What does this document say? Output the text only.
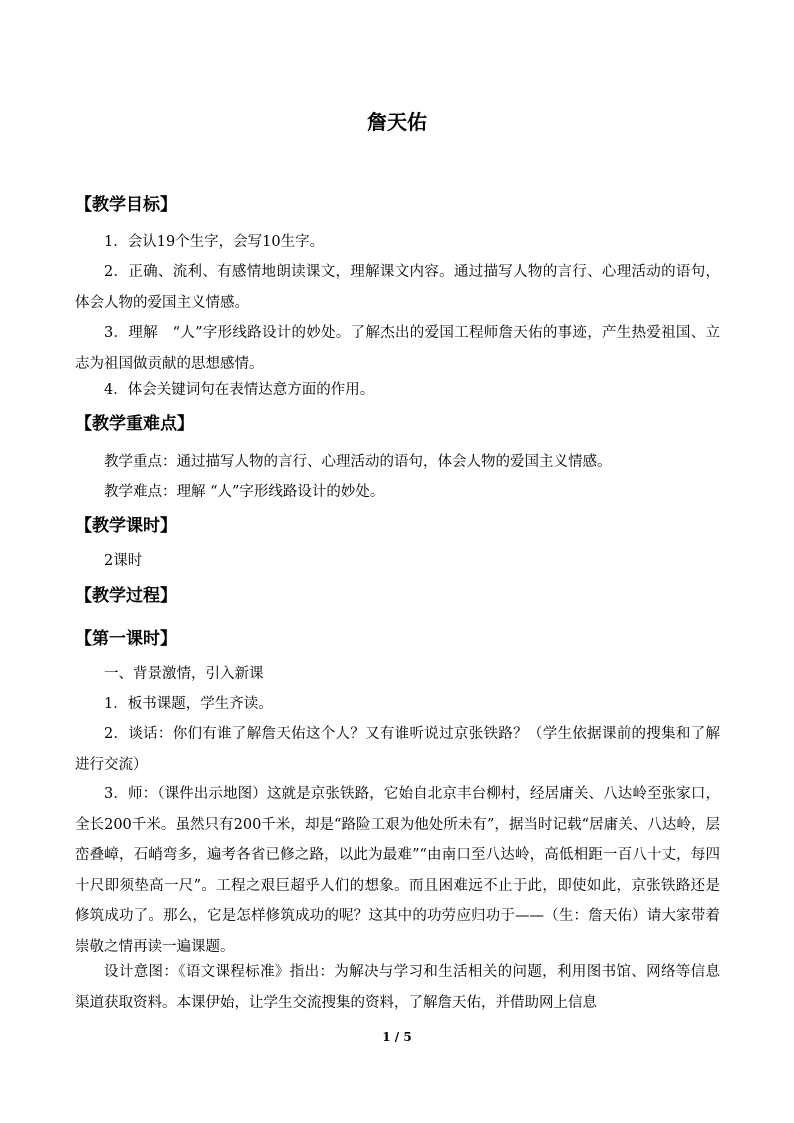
詹天佑
【教学目标】

1．会认19个生字，会写10生字。

2．正确、流利、有感情地朗读课文，理解课文内容。通过描写人物的言行、心理活动的语句，体会人物的爱国主义情感。

3．理解　“人”字形线路设计的妙处。了解杰出的爱国工程师詹天佑的事迹，产生热爱祖国、立志为祖国做贡献的思想感情。

4．体会关键词句在表情达意方面的作用。

【教学重难点】

教学重点：通过描写人物的言行、心理活动的语句，体会人物的爱国主义情感。

教学难点：理解 “人”字形线路设计的妙处。

【教学课时】

2课时

【教学过程】
【第一课时】

一、背景激情，引入新课

1．板书课题，学生齐读。

2．谈话：你们有谁了解詹天佑这个人？又有谁听说过京张铁路？（学生依据课前的搜集和了解进行交流）

3．师：（课件出示地图）这就是京张铁路，它始自北京丰台柳村，经居庸关、八达岭至张家口，全长200千米。虽然只有200千米，却是“路险工艰为他处所未有”，据当时记载“居庸关、八达岭，层峦叠嶂，石峭弯多，遍考各省已修之路，以此为最难”“由南口至八达岭，高低相距一百八十丈，每四十尺即须垫高一尺”。工程之艰巨超乎人们的想象。而且困难远不止于此，即使如此，京张铁路还是修筑成功了。那么，它是怎样修筑成功的呢？这其中的功劳应归功于——（生：詹天佑）请大家带着崇敬之情再读一遍课题。

设计意图：《语文课程标准》指出：为解决与学习和生活相关的问题，利用图书馆、网络等信息渠道获取资料。本课伊始，让学生交流搜集的资料，了解詹天佑，并借助网上信息

1 / 5
